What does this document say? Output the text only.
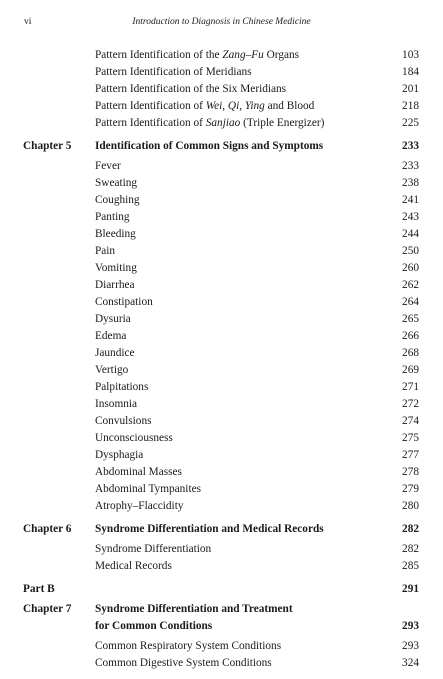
vi	Introduction to Diagnosis in Chinese Medicine
Pattern Identification of the Zang–Fu Organs	103
Pattern Identification of Meridians	184
Pattern Identification of the Six Meridians	201
Pattern Identification of Wei, Qi, Ying and Blood	218
Pattern Identification of Sanjiao (Triple Energizer)	225
Chapter 5 Identification of Common Signs and Symptoms	233
Fever	233
Sweating	238
Coughing	241
Panting	243
Bleeding	244
Pain	250
Vomiting	260
Diarrhea	262
Constipation	264
Dysuria	265
Edema	266
Jaundice	268
Vertigo	269
Palpitations	271
Insomnia	272
Convulsions	274
Unconsciousness	275
Dysphagia	277
Abdominal Masses	278
Abdominal Tympanites	279
Atrophy–Flaccidity	280
Chapter 6 Syndrome Differentiation and Medical Records	282
Syndrome Differentiation	282
Medical Records	285
Part B	291
Chapter 7 Syndrome Differentiation and Treatment
for Common Conditions	293
Common Respiratory System Conditions	293
Common Digestive System Conditions	324
